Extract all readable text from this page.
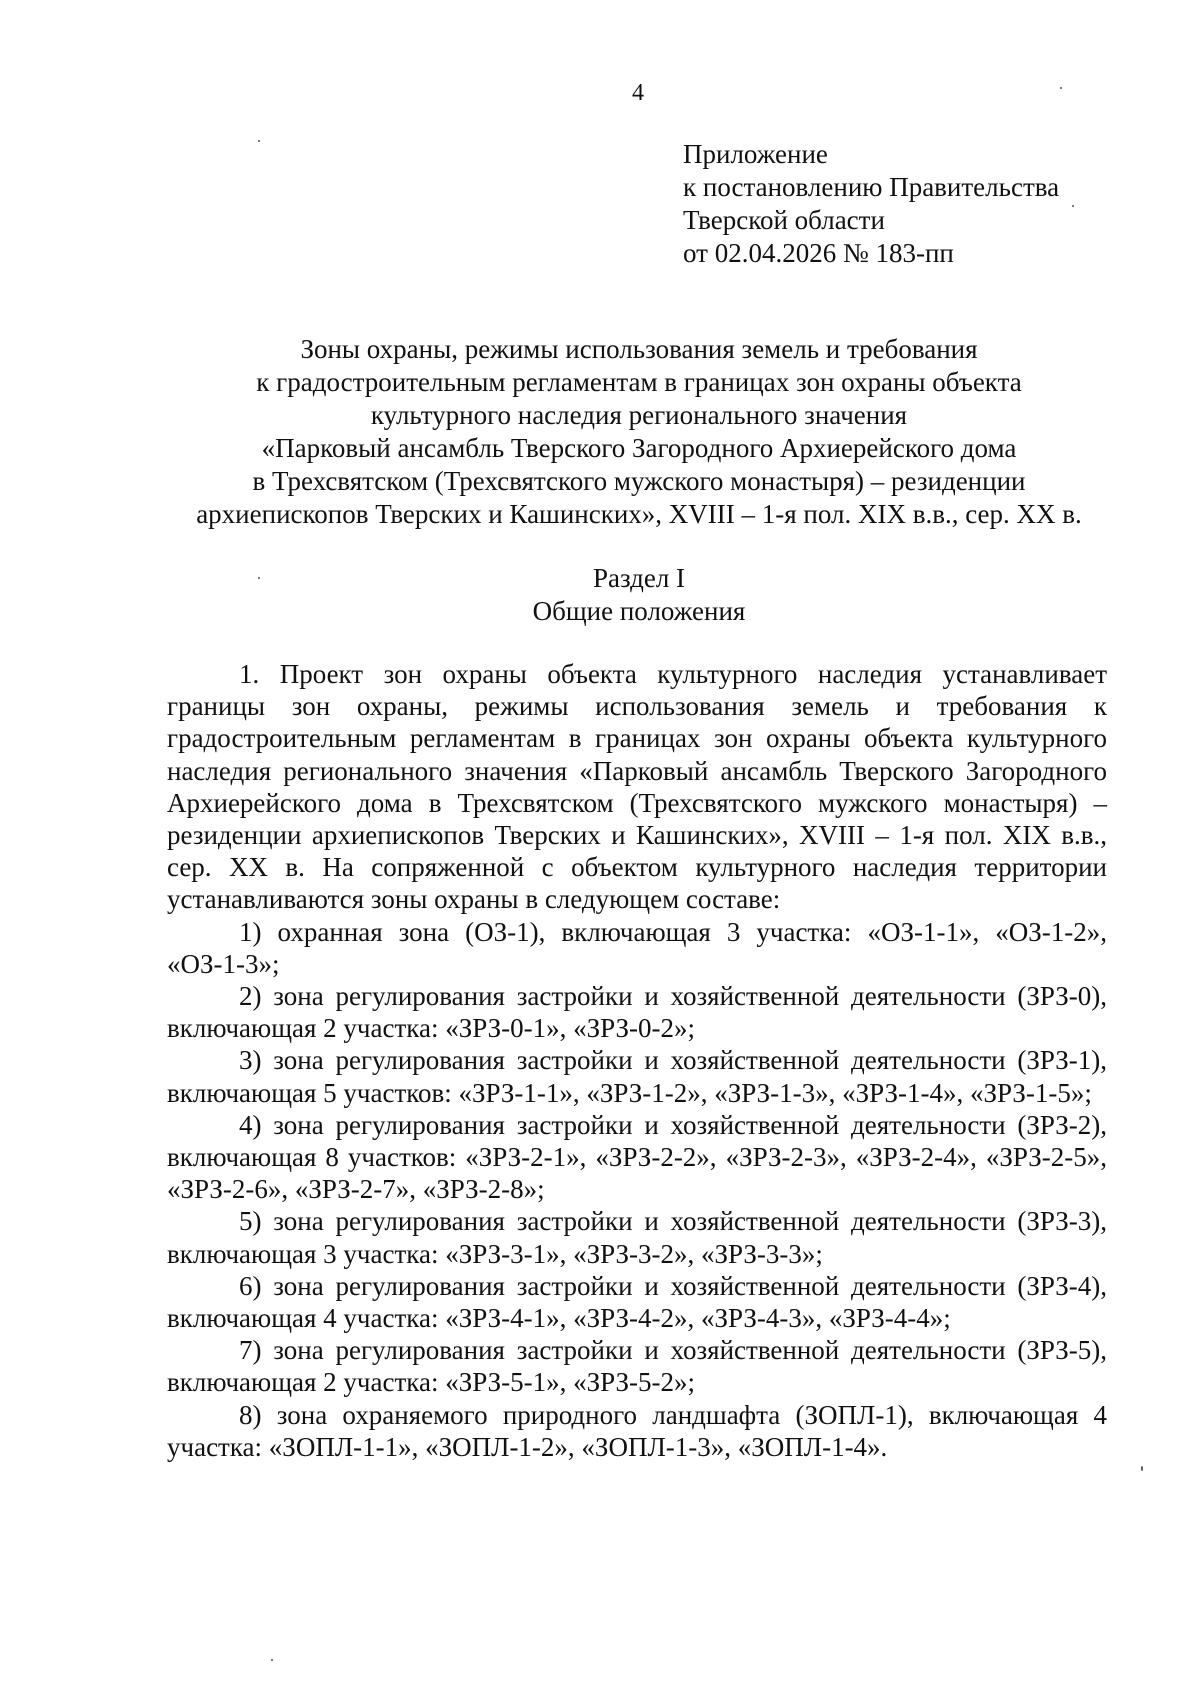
4
Приложение
к постановлению Правительства
Тверской области
от 02.04.2026 № 183-пп
Зоны охраны, режимы использования земель и требования
к градостроительным регламентам в границах зон охраны объекта
культурного наследия регионального значения
«Парковый ансамбль Тверского Загородного Архиерейского дома
в Трехсвятском (Трехсвятского мужского монастыря) – резиденции
архиепископов Тверских и Кашинских», XVIII – 1-я пол. XIX в.в., сер. XX в.
Раздел I
Общие положения

1. Проект зон охраны объекта культурного наследия устанавливает границы зон охраны, режимы использования земель и требования к градостроительным регламентам в границах зон охраны объекта культурного наследия регионального значения «Парковый ансамбль Тверского Загородного Архиерейского дома в Трехсвятском (Трехсвятского мужского монастыря) – резиденции архиепископов Тверских и Кашинских», XVIII – 1-я пол. XIX в.в., сер. XX в. На сопряженной с объектом культурного наследия территории устанавливаются зоны охраны в следующем составе:

1) охранная зона (ОЗ-1), включающая 3 участка: «ОЗ-1-1», «ОЗ-1-2», «ОЗ-1-3»;

2) зона регулирования застройки и хозяйственной деятельности (ЗРЗ-0), включающая 2 участка: «ЗРЗ-0-1», «ЗРЗ-0-2»;

3) зона регулирования застройки и хозяйственной деятельности (ЗРЗ-1), включающая 5 участков: «ЗРЗ-1-1», «ЗРЗ-1-2», «ЗРЗ-1-3», «ЗРЗ-1-4», «ЗРЗ-1-5»;

4) зона регулирования застройки и хозяйственной деятельности (ЗРЗ-2), включающая 8 участков: «ЗРЗ-2-1», «ЗРЗ-2-2», «ЗРЗ-2-3», «ЗРЗ-2-4», «ЗРЗ-2-5», «ЗРЗ-2-6», «ЗРЗ-2-7», «ЗРЗ-2-8»;

5) зона регулирования застройки и хозяйственной деятельности (ЗРЗ-3), включающая 3 участка: «ЗРЗ-3-1», «ЗРЗ-3-2», «ЗРЗ-3-3»;

6) зона регулирования застройки и хозяйственной деятельности (ЗРЗ-4), включающая 4 участка: «ЗРЗ-4-1», «ЗРЗ-4-2», «ЗРЗ-4-3», «ЗРЗ-4-4»;

7) зона регулирования застройки и хозяйственной деятельности (ЗРЗ-5), включающая 2 участка: «ЗРЗ-5-1», «ЗРЗ-5-2»;

8) зона охраняемого природного ландшафта (ЗОПЛ-1), включающая 4 участка: «ЗОПЛ-1-1», «ЗОПЛ-1-2», «ЗОПЛ-1-3», «ЗОПЛ-1-4».
